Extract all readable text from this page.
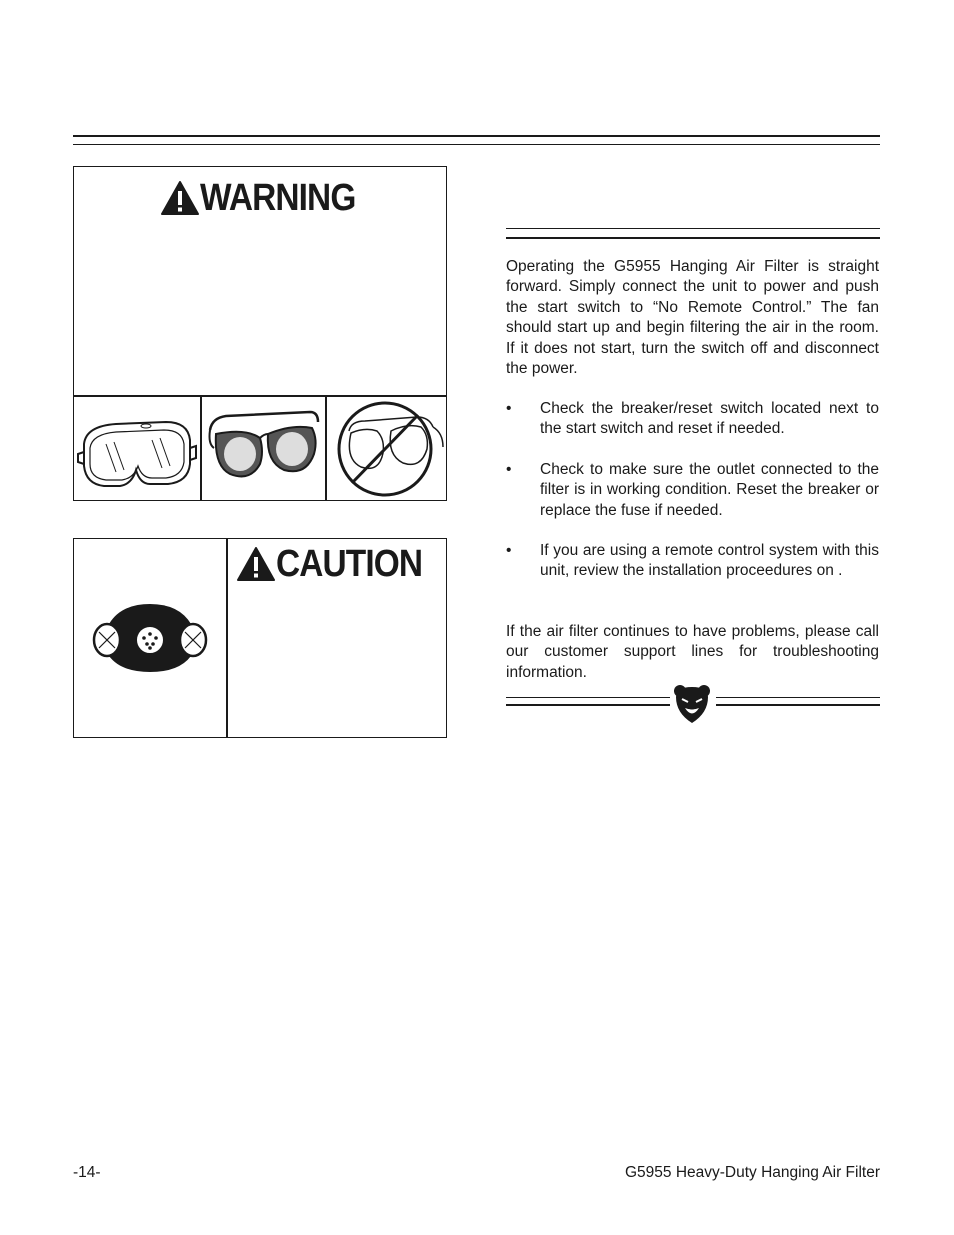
WARNING
CAUTION
Operating the G5955 Hanging Air Filter is straight forward. Simply connect the unit to power and push the start switch to “No Remote Control.” The fan should start up and begin filtering the air in the room. If it does not start, turn the switch off and disconnect the power.
•	Check the breaker/reset switch located next to the start switch and reset if needed.
•	Check to make sure the outlet connected to the filter is in working condition. Reset the breaker or replace the fuse if needed.
•	If you are using a remote control system with this unit, review the installation proceedures on .
If the air filter continues to have problems, please call our customer support lines for troubleshooting information.
-14-	G5955 Heavy-Duty Hanging Air Filter
